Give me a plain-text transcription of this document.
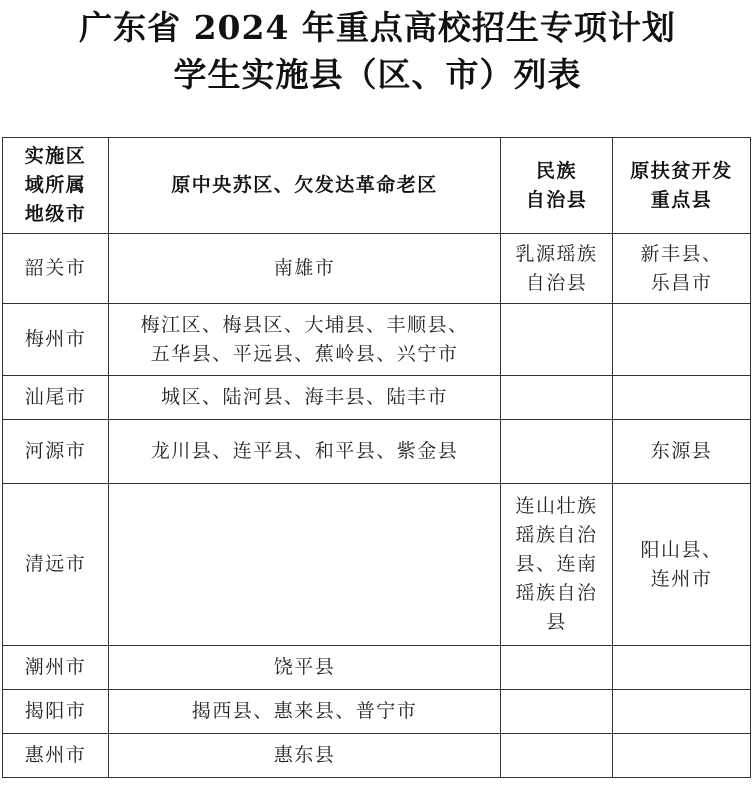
广东省 2024 年重点高校招生专项计划
学生实施县（区、市）列表
实施区
域所属
地级市	原中央苏区、欠发达革命老区	民族
自治县	原扶贫开发
重点县

韶关市	南雄市	乳源瑶族
自治县	新丰县、
乐昌市

梅州市	梅江区、梅县区、大埔县、丰顺县、
五华县、平远县、蕉岭县、兴宁市		

汕尾市	城区、陆河县、海丰县、陆丰市		

河源市	龙川县、连平县、和平县、紫金县		东源县

清远市		连山壮族
瑶族自治
县、连南
瑶族自治
县	阳山县、
连州市

潮州市	饶平县		

揭阳市	揭西县、惠来县、普宁市		

惠州市	惠东县		
